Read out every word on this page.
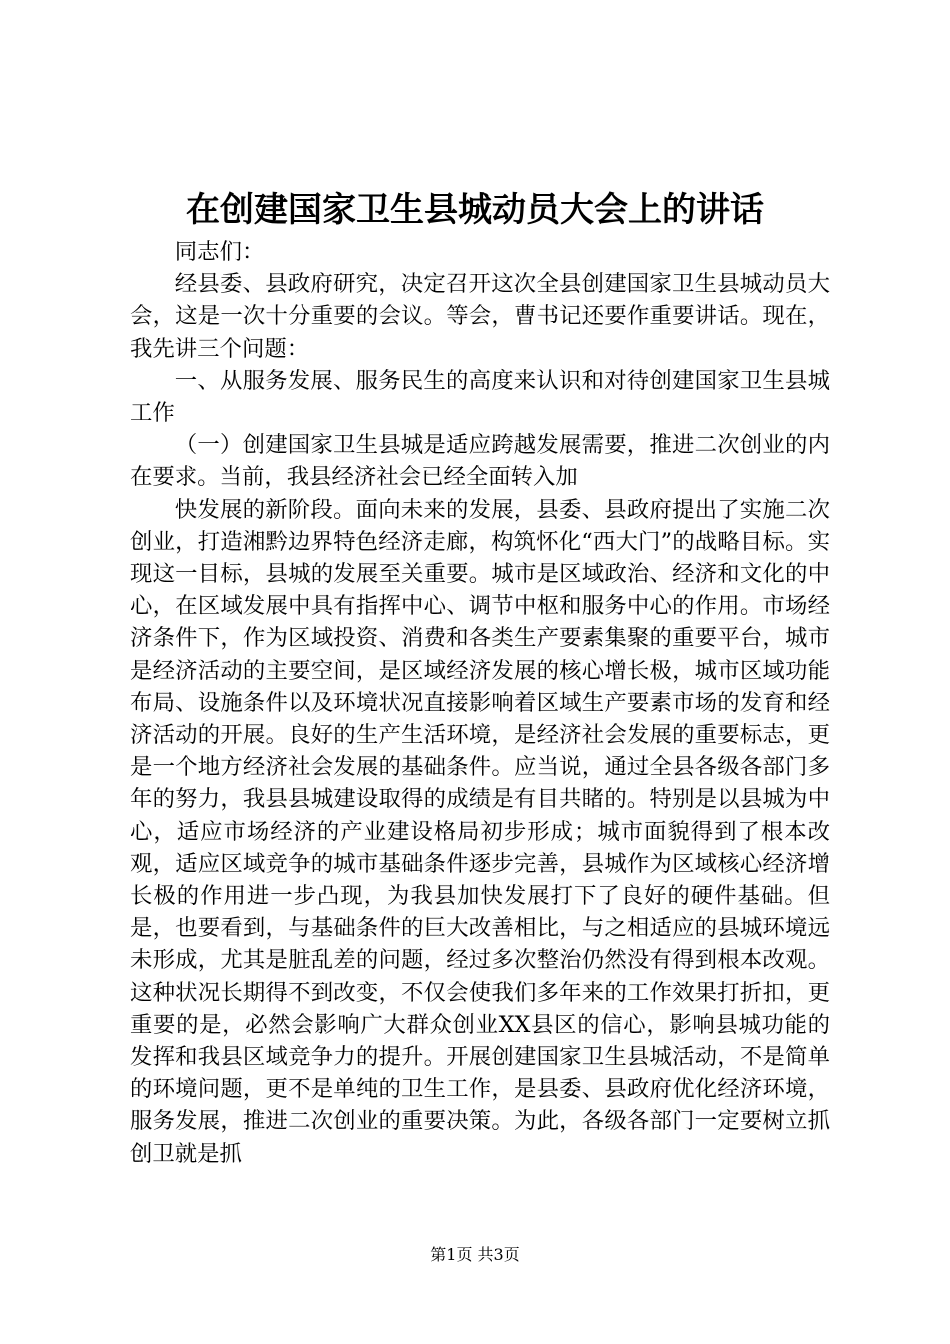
在创建国家卫生县城动员大会上的讲话

同志们：

经县委、县政府研究，决定召开这次全县创建国家卫生县城动员大会，这是一次十分重要的会议。等会，曹书记还要作重要讲话。现在，我先讲三个问题：

一、从服务发展、服务民生的高度来认识和对待创建国家卫生县城工作

（一）创建国家卫生县城是适应跨越发展需要，推进二次创业的内在要求。当前，我县经济社会已经全面转入加

快发展的新阶段。面向未来的发展，县委、县政府提出了实施二次创业，打造湘黔边界特色经济走廊，构筑怀化“西大门”的战略目标。实现这一目标，县城的发展至关重要。城市是区域政治、经济和文化的中心，在区域发展中具有指挥中心、调节中枢和服务中心的作用。市场经济条件下，作为区域投资、消费和各类生产要素集聚的重要平台，城市是经济活动的主要空间，是区域经济发展的核心增长极，城市区域功能布局、设施条件以及环境状况直接影响着区域生产要素市场的发育和经济活动的开展。良好的生产生活环境，是经济社会发展的重要标志，更是一个地方经济社会发展的基础条件。应当说，通过全县各级各部门多年的努力，我县县城建设取得的成绩是有目共睹的。特别是以县城为中心，适应市场经济的产业建设格局初步形成；城市面貌得到了根本改观，适应区域竞争的城市基础条件逐步完善，县城作为区域核心经济增长极的作用进一步凸现，为我县加快发展打下了良好的硬件基础。但是，也要看到，与基础条件的巨大改善相比，与之相适应的县城环境远未形成，尤其是脏乱差的问题，经过多次整治仍然没有得到根本改观。这种状况长期得不到改变，不仅会使我们多年来的工作效果打折扣，更重要的是，必然会影响广大群众创业XX县区的信心，影响县城功能的发挥和我县区域竞争力的提升。开展创建国家卫生县城活动，不是简单的环境问题，更不是单纯的卫生工作，是县委、县政府优化经济环境，服务发展，推进二次创业的重要决策。为此，各级各部门一定要树立抓创卫就是抓

第1页 共3页
